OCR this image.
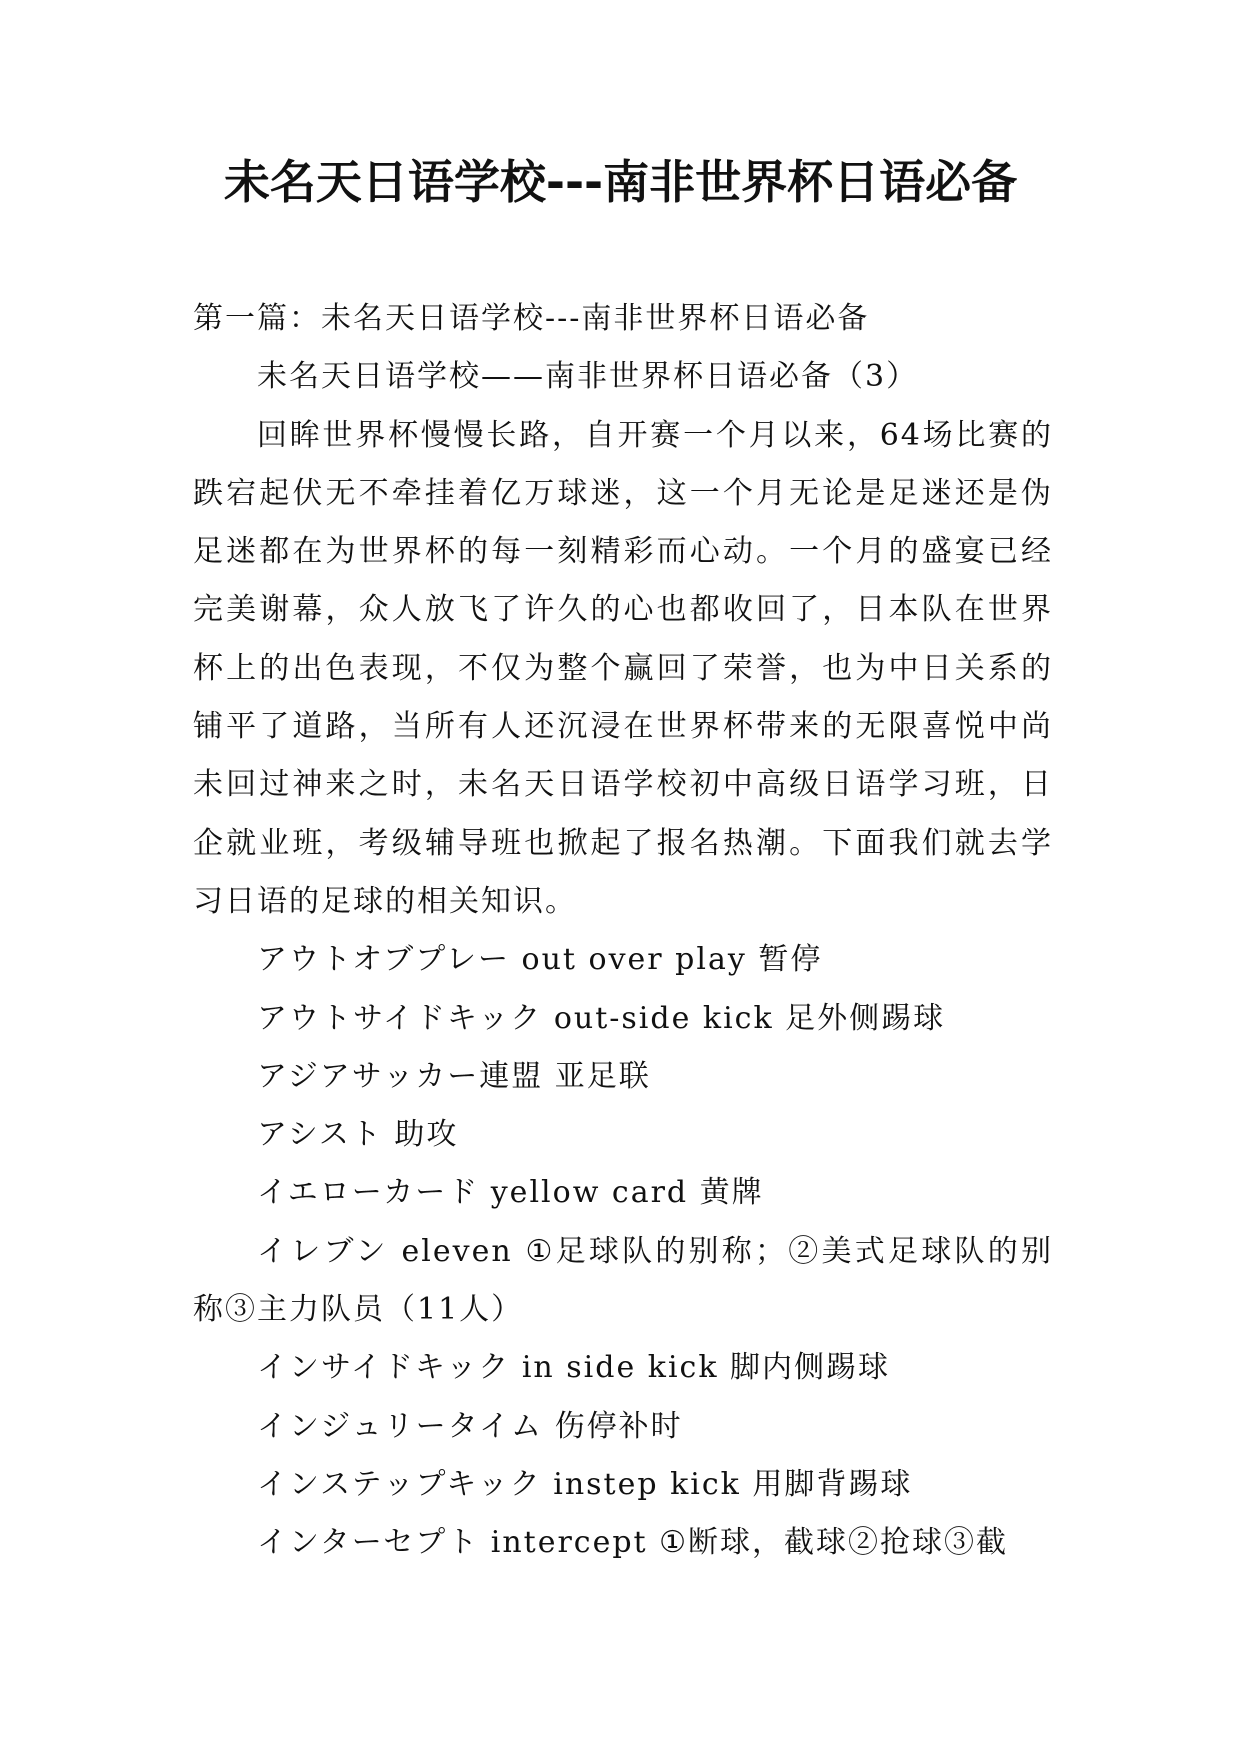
未名天日语学校---南非世界杯日语必备

第一篇：未名天日语学校---南非世界杯日语必备

未名天日语学校——南非世界杯日语必备（3）

回眸世界杯慢慢长路，自开赛一个月以来，64场比赛的跌宕起伏无不牵挂着亿万球迷，这一个月无论是足迷还是伪足迷都在为世界杯的每一刻精彩而心动。一个月的盛宴已经完美谢幕，众人放飞了许久的心也都收回了，日本队在世界杯上的出色表现，不仅为整个赢回了荣誉，也为中日关系的铺平了道路，当所有人还沉浸在世界杯带来的无限喜悦中尚未回过神来之时，未名天日语学校初中高级日语学习班，日企就业班，考级辅导班也掀起了报名热潮。下面我们就去学习日语的足球的相关知识。

アウトオブプレー out over play 暂停

アウトサイドキック out-side kick 足外侧踢球

アジアサッカー連盟 亚足联

アシスト 助攻

イエローカード yellow card 黄牌

イレブン eleven ①足球队的别称；②美式足球队的别称③主力队员（11人）

インサイドキック in side kick 脚内侧踢球

インジュリータイム 伤停补时

インステップキック instep kick 用脚背踢球

インターセプト intercept ①断球，截球②抢球③截
